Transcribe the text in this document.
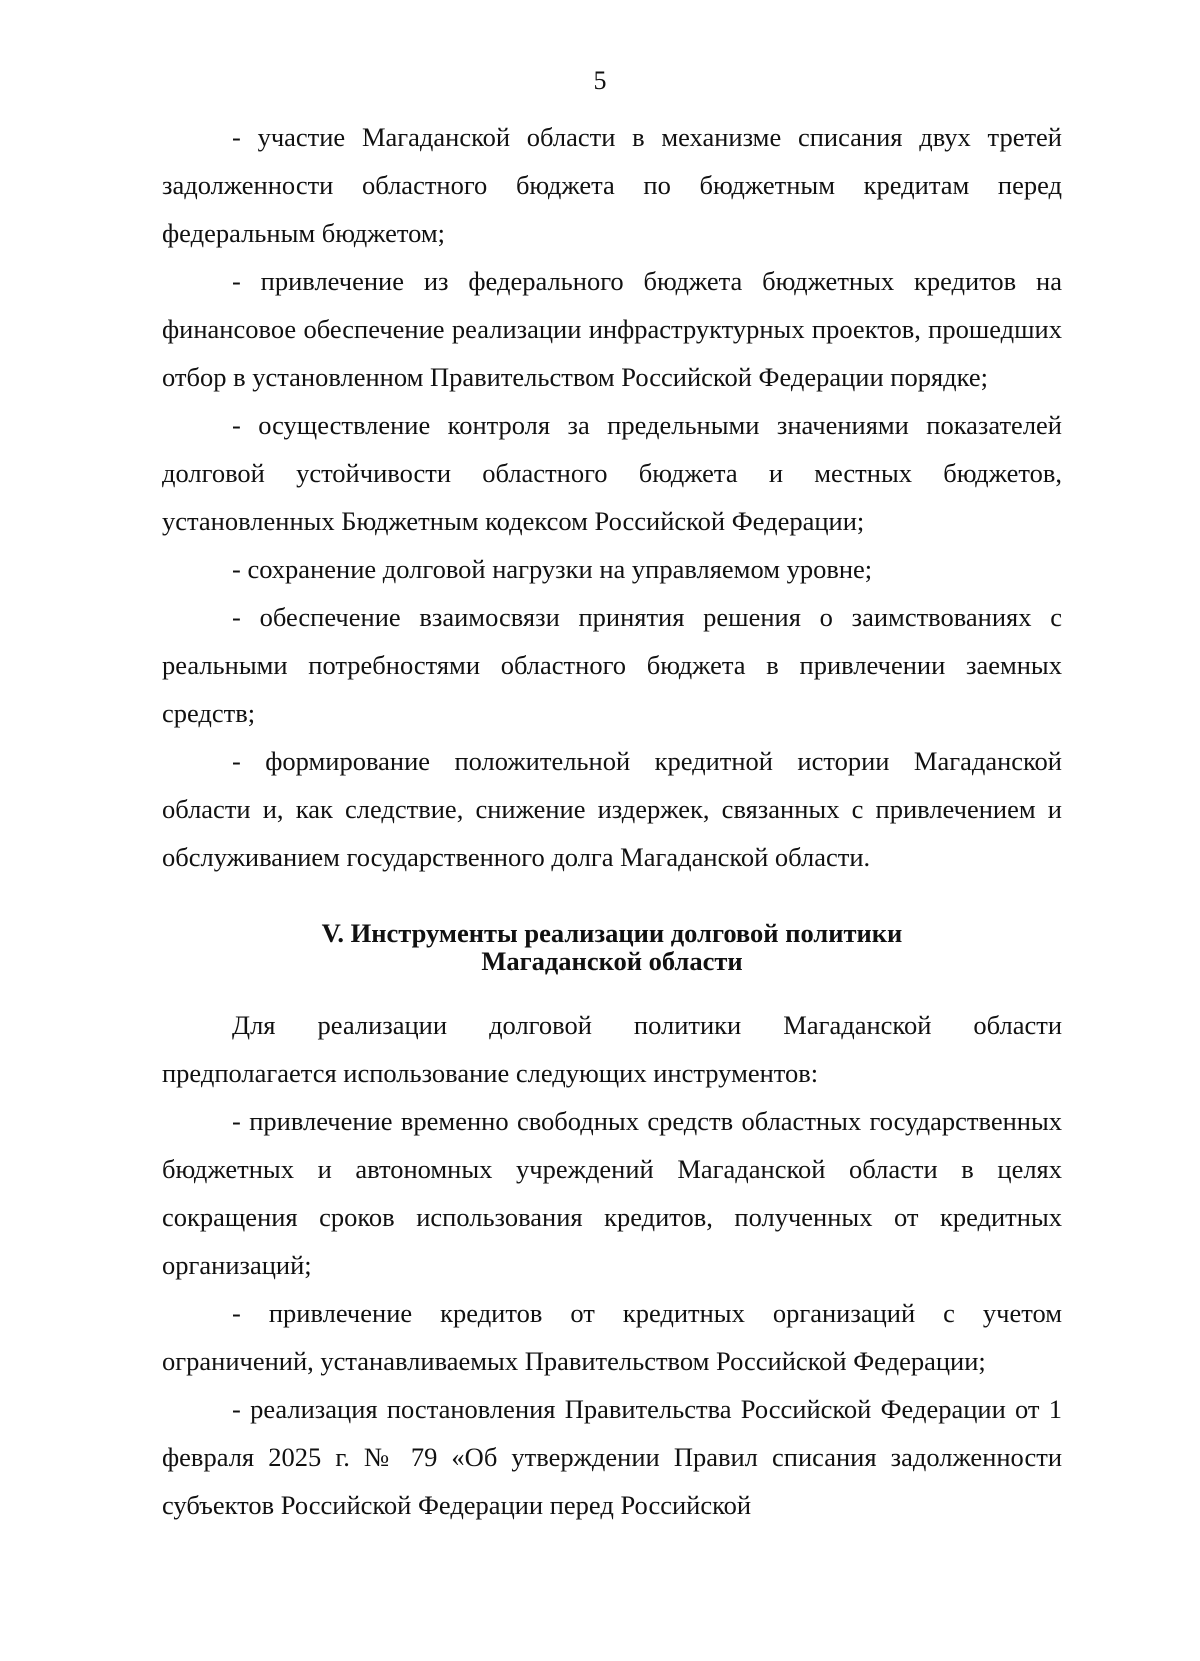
5

- участие Магаданской области в механизме списания двух третей задолженности областного бюджета по бюджетным кредитам перед федеральным бюджетом;

- привлечение из федерального бюджета бюджетных кредитов на финансовое обеспечение реализации инфраструктурных проектов, прошедших отбор в установленном Правительством Российской Федерации порядке;

- осуществление контроля за предельными значениями показателей долговой устойчивости областного бюджета и местных бюджетов, установленных Бюджетным кодексом Российской Федерации;

- сохранение долговой нагрузки на управляемом уровне;

- обеспечение взаимосвязи принятия решения о заимствованиях с реальными потребностями областного бюджета в привлечении заемных средств;

- формирование положительной кредитной истории Магаданской области и, как следствие, снижение издержек, связанных с привлечением и обслуживанием государственного долга Магаданской области.

V. Инструменты реализации долговой политики
Магаданской области

Для реализации долговой политики Магаданской области предполагается использование следующих инструментов:

- привлечение временно свободных средств областных государственных бюджетных и автономных учреждений Магаданской области в целях сокращения сроков использования кредитов, полученных от кредитных организаций;

- привлечение кредитов от кредитных организаций с учетом ограничений, устанавливаемых Правительством Российской Федерации;

- реализация постановления Правительства Российской Федерации от 1 февраля 2025 г. № 79 «Об утверждении Правил списания задолженности субъектов Российской Федерации перед Российской
